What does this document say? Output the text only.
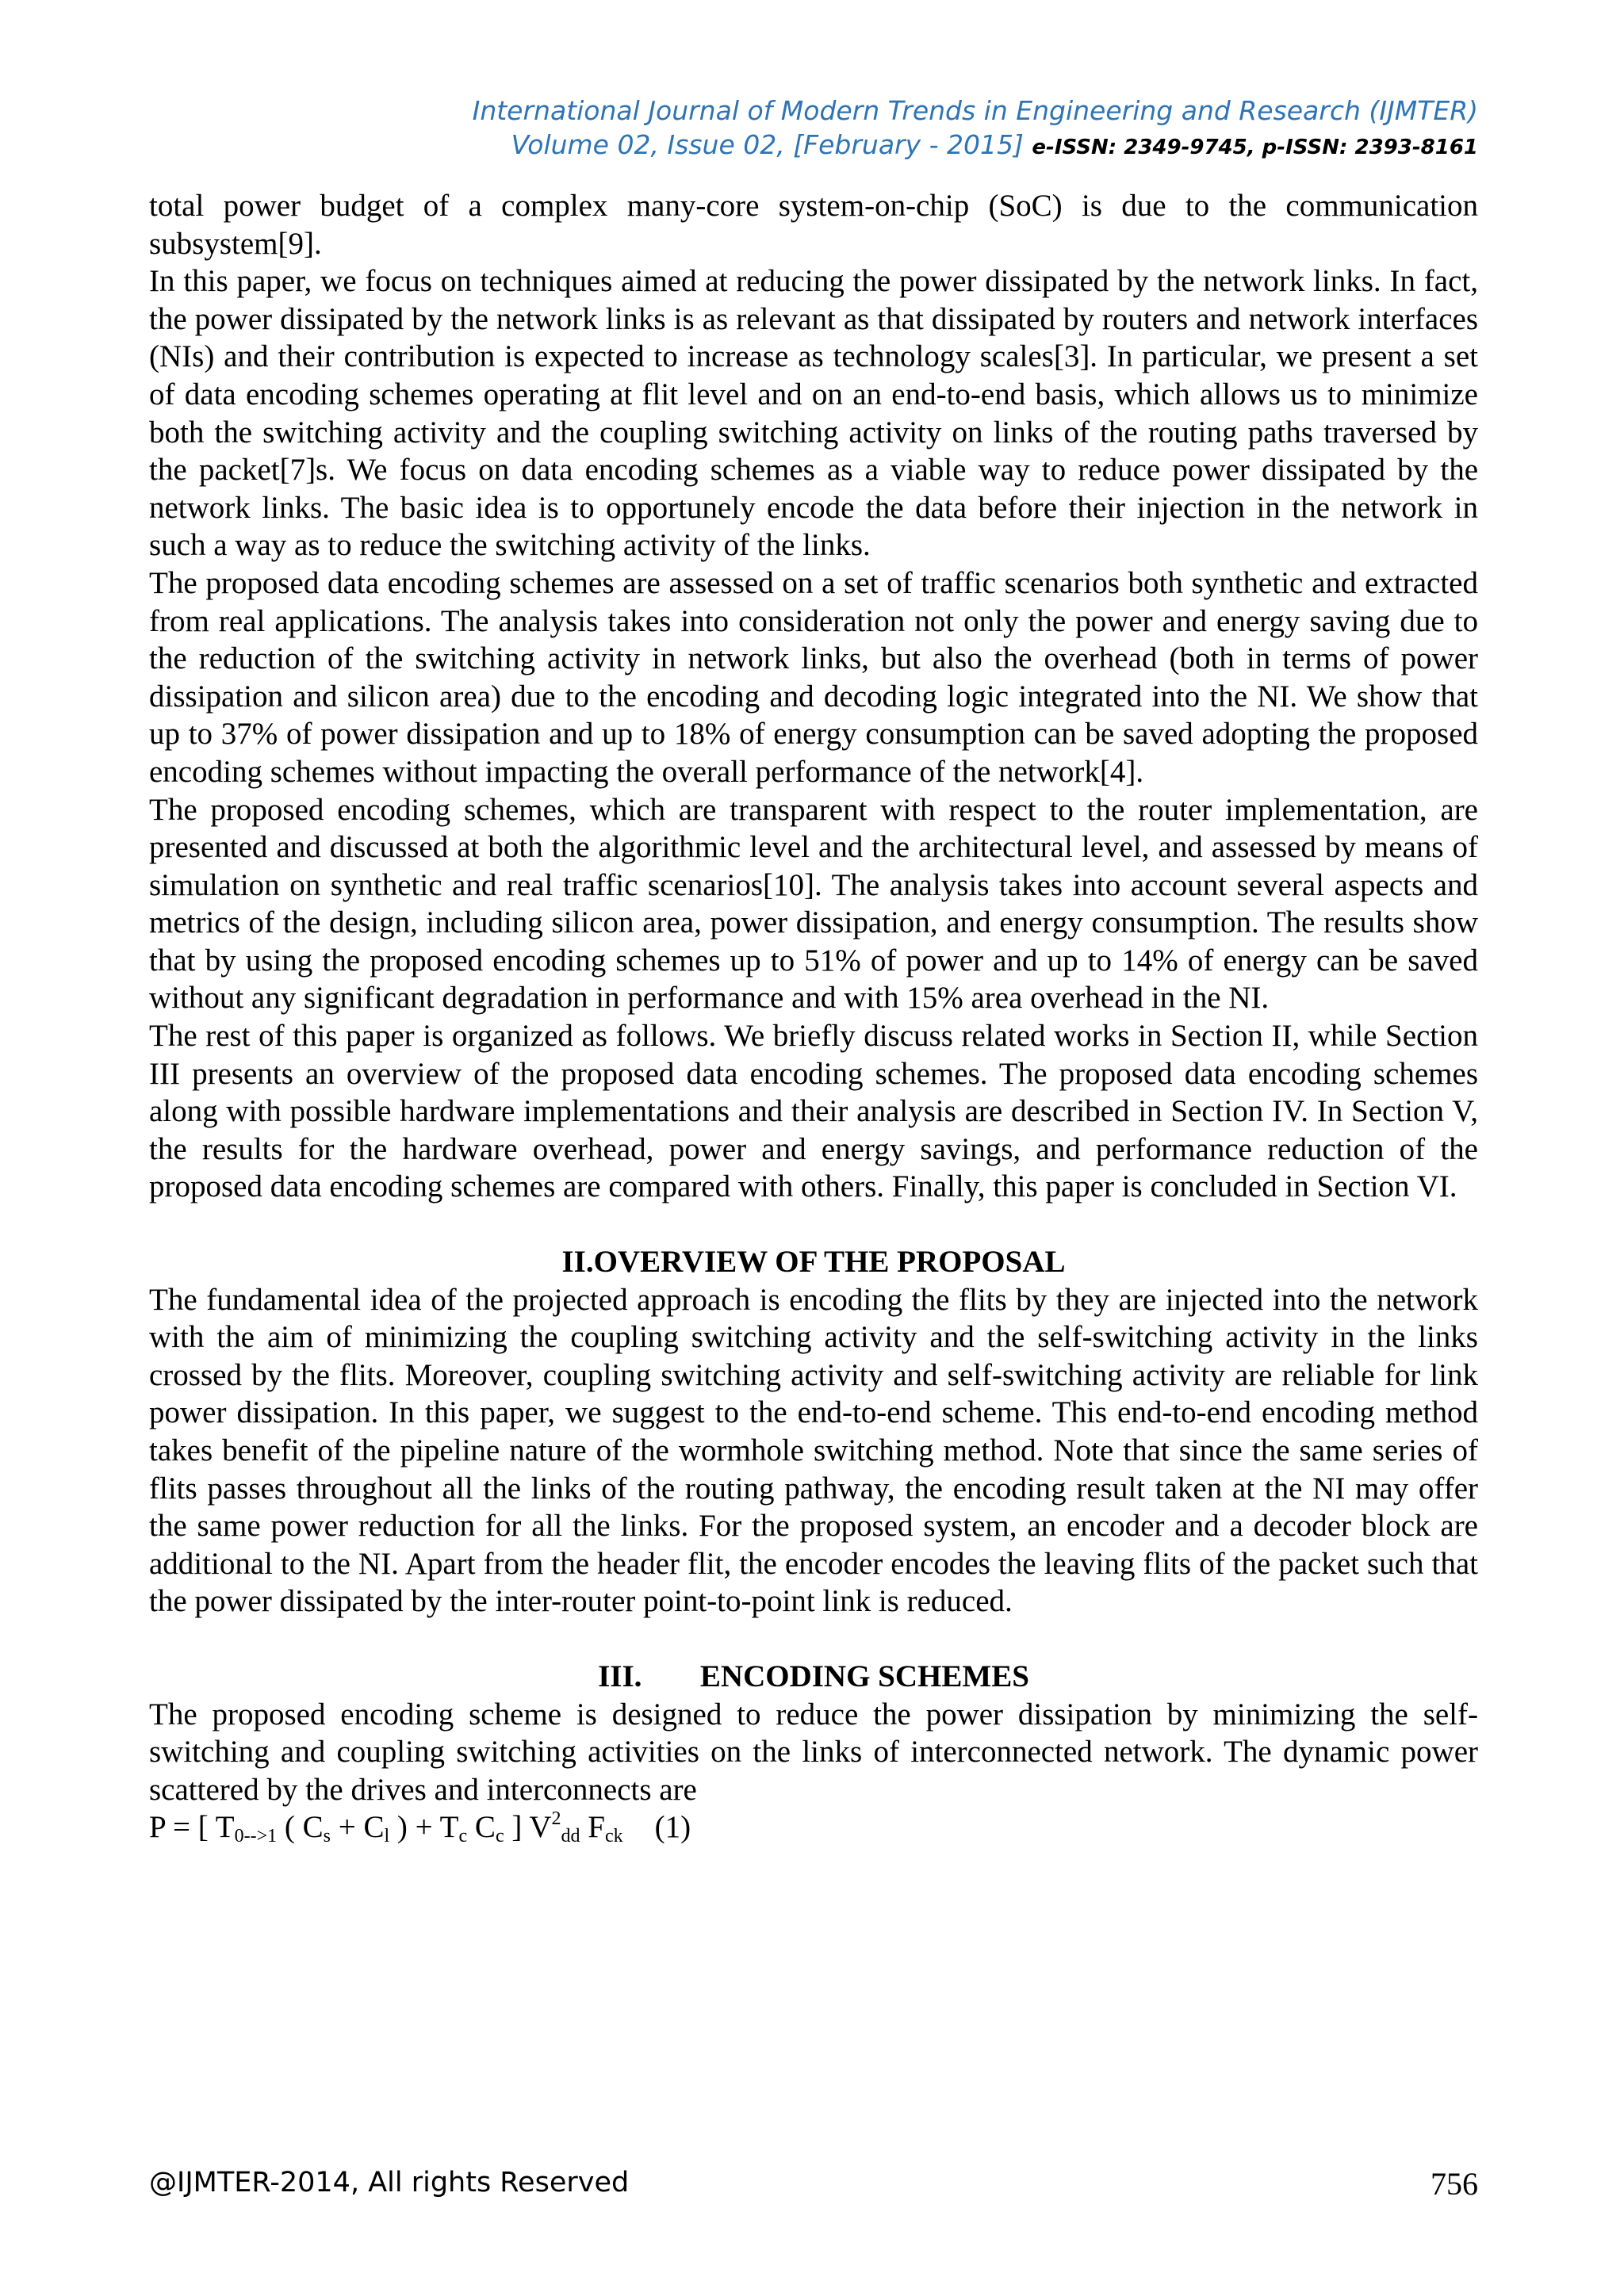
International Journal of Modern Trends in Engineering and Research (IJMTER)
Volume 02, Issue 02, [February - 2015] e-ISSN: 2349-9745, p-ISSN: 2393-8161

total power budget of a complex many-core system-on-chip (SoC) is due to the communication subsystem[9].

In this paper, we focus on techniques aimed at reducing the power dissipated by the network links. In fact, the power dissipated by the network links is as relevant as that dissipated by routers and network interfaces (NIs) and their contribution is expected to increase as technology scales[3]. In particular, we present a set of data encoding schemes operating at flit level and on an end-to-end basis, which allows us to minimize both the switching activity and the coupling switching activity on links of the routing paths traversed by the packet[7]s. We focus on data encoding schemes as a viable way to reduce power dissipated by the network links. The basic idea is to opportunely encode the data before their injection in the network in such a way as to reduce the switching activity of the links.

The proposed data encoding schemes are assessed on a set of traffic scenarios both synthetic and extracted from real applications. The analysis takes into consideration not only the power and energy saving due to the reduction of the switching activity in network links, but also the overhead (both in terms of power dissipation and silicon area) due to the encoding and decoding logic integrated into the NI. We show that up to 37% of power dissipation and up to 18% of energy consumption can be saved adopting the proposed encoding schemes without impacting the overall performance of the network[4].

The proposed encoding schemes, which are transparent with respect to the router implementation, are presented and discussed at both the algorithmic level and the architectural level, and assessed by means of simulation on synthetic and real traffic scenarios[10]. The analysis takes into account several aspects and metrics of the design, including silicon area, power dissipation, and energy consumption. The results show that by using the proposed encoding schemes up to 51% of power and up to 14% of energy can be saved without any significant degradation in performance and with 15% area overhead in the NI.

The rest of this paper is organized as follows. We briefly discuss related works in Section II, while Section III presents an overview of the proposed data encoding schemes. The proposed data encoding schemes along with possible hardware implementations and their analysis are described in Section IV. In Section V, the results for the hardware overhead, power and energy savings, and performance reduction of the proposed data encoding schemes are compared with others. Finally, this paper is concluded in Section VI.

II.OVERVIEW OF THE PROPOSAL

The fundamental idea of the projected approach is encoding the flits by they are injected into the network with the aim of minimizing the coupling switching activity and the self-switching activity in the links crossed by the flits. Moreover, coupling switching activity and self-switching activity are reliable for link power dissipation. In this paper, we suggest to the end-to-end scheme. This end-to-end encoding method takes benefit of the pipeline nature of the wormhole switching method. Note that since the same series of flits passes throughout all the links of the routing pathway, the encoding result taken at the NI may offer the same power reduction for all the links. For the proposed system, an encoder and a decoder block are additional to the NI. Apart from the header flit, the encoder encodes the leaving flits of the packet such that the power dissipated by the inter-router point-to-point link is reduced.

III. ENCODING SCHEMES

The proposed encoding scheme is designed to reduce the power dissipation by minimizing the self-switching and coupling switching activities on the links of interconnected network. The dynamic power scattered by the drives and interconnects are

P = [ $T_{0-->1}$ ( $C_s + C_l$ ) + $T_c$ $C_c$ ] $V^2_{dd}$ $F_{ck}$ (1)
@IJMTER-2014, All rights Reserved	756
